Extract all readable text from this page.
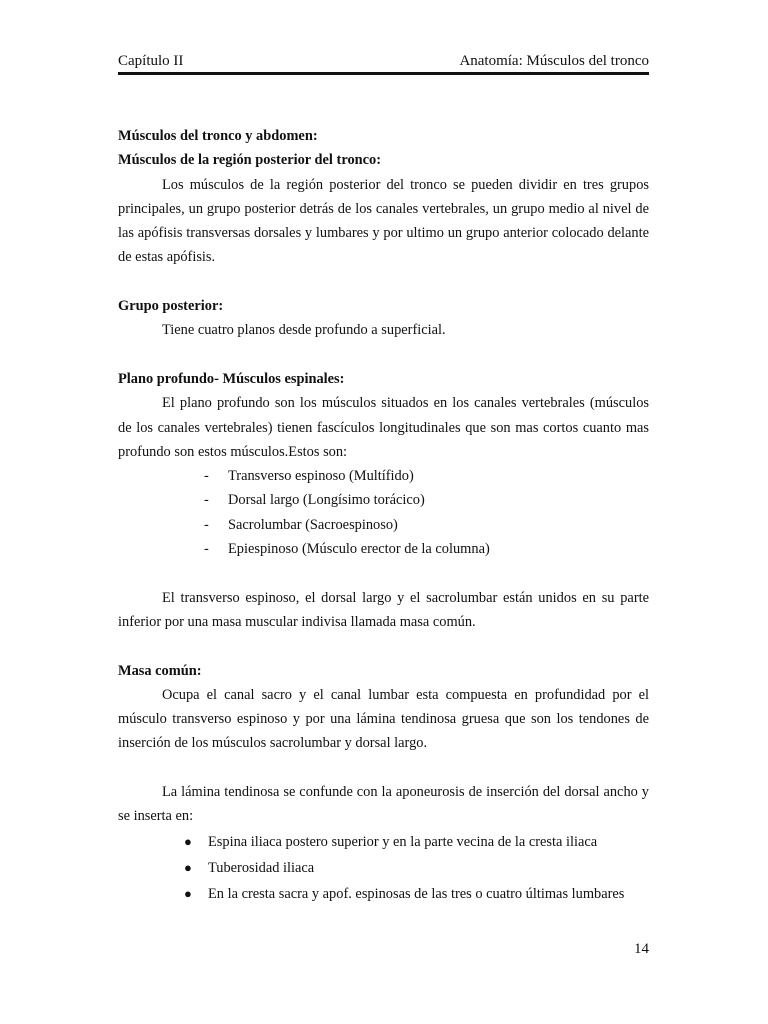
Capítulo II	Anatomía: Músculos del tronco

Músculos del tronco y abdomen:

Músculos de la región posterior del tronco:

Los músculos de la región posterior del tronco se pueden dividir en tres grupos principales, un grupo posterior detrás de los canales vertebrales, un grupo medio al nivel de las apófisis transversas dorsales y lumbares y por ultimo un grupo anterior colocado delante de estas apófisis.

Grupo posterior:

Tiene cuatro planos desde profundo a superficial.

Plano profundo- Músculos espinales:

El plano profundo son los músculos situados en los canales vertebrales (músculos de los canales vertebrales) tienen fascículos longitudinales que son mas cortos cuanto mas profundo son estos músculos.Estos son:

-	Transverso espinoso (Multífido)
-	Dorsal largo (Longísimo torácico)
-	Sacrolumbar (Sacroespinoso)
-	Epiespinoso (Músculo erector de la columna)

El transverso espinoso, el dorsal largo y el sacrolumbar están unidos en su parte inferior por una masa muscular indivisa llamada masa común.

Masa común:

Ocupa el canal sacro y el canal lumbar esta compuesta en profundidad por el músculo transverso espinoso y por una lámina tendinosa gruesa que son los tendones de inserción de los músculos sacrolumbar y dorsal largo.

La lámina tendinosa se confunde con la aponeurosis de inserción del dorsal ancho y se inserta en:

●	Espina iliaca postero superior y en la parte vecina de la cresta iliaca
●	Tuberosidad iliaca
●	En la cresta sacra y apof. espinosas de las tres o cuatro últimas lumbares
14
